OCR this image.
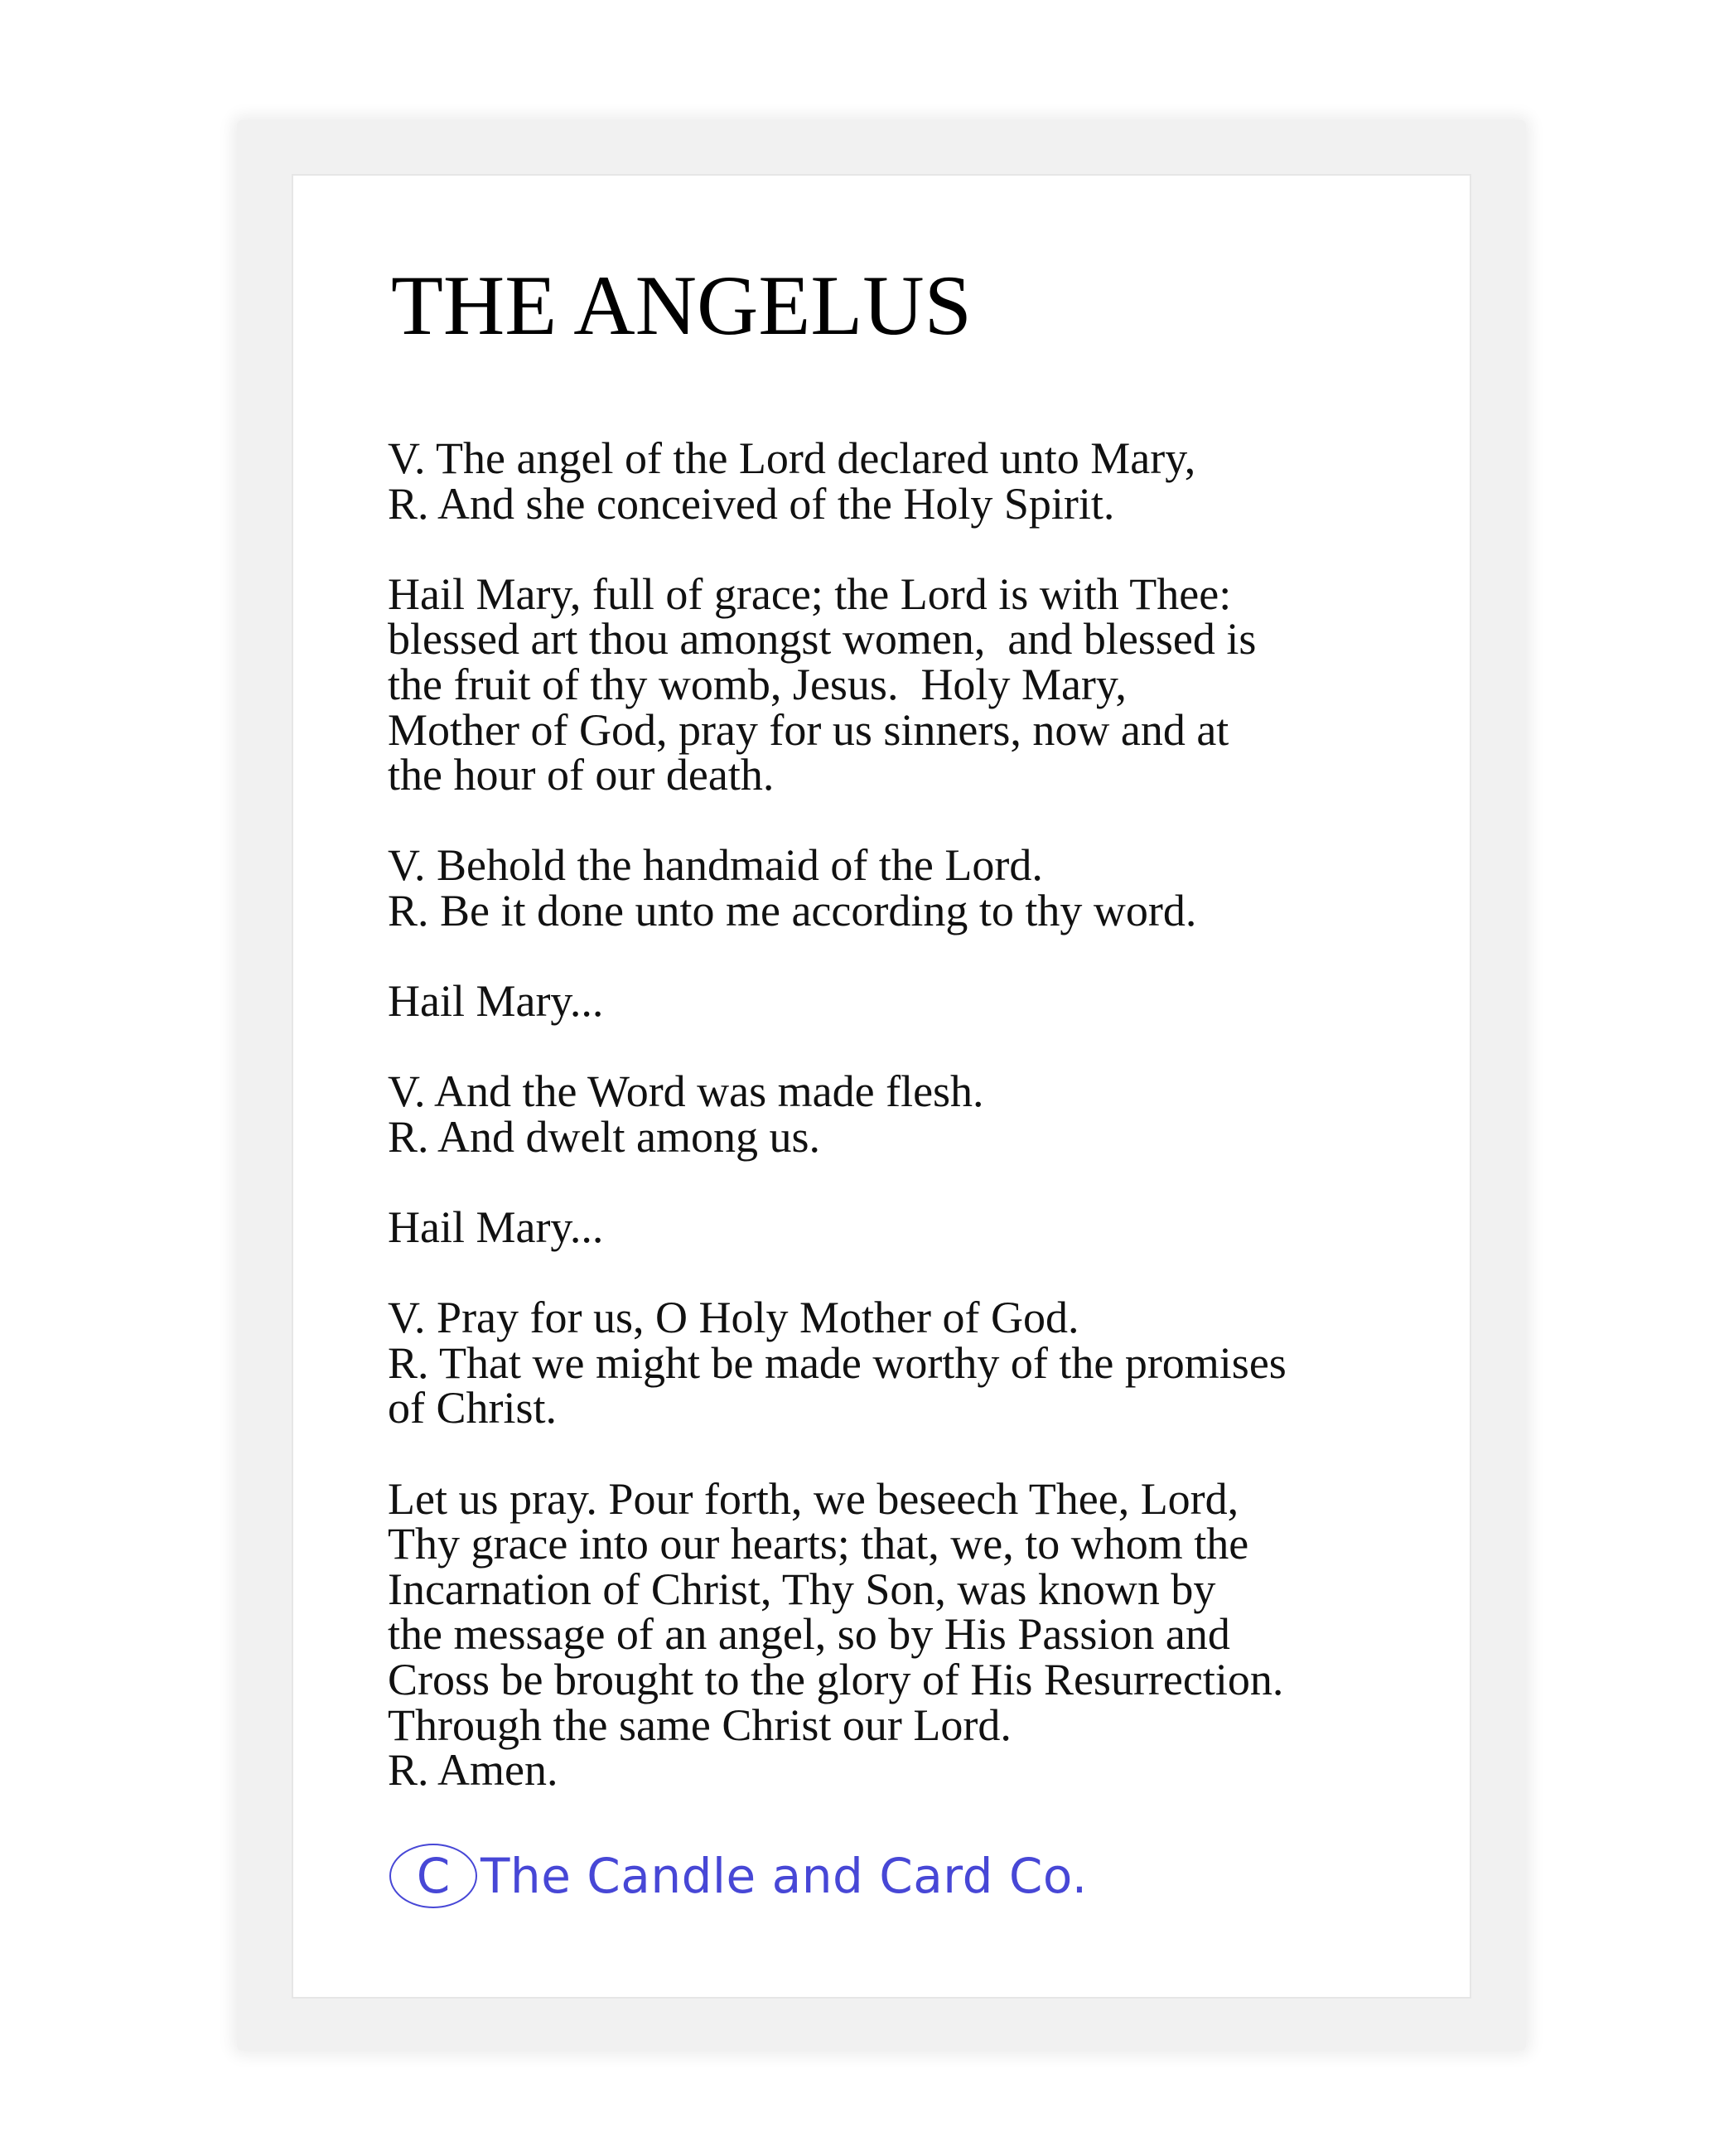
THE ANGELUS
V. The angel of the Lord declared unto Mary,
R. And she conceived of the Holy Spirit.
Hail Mary, full of grace; the Lord is with Thee:
blessed art thou amongst women,  and blessed is
the fruit of thy womb, Jesus.  Holy Mary,
Mother of God, pray for us sinners, now and at
the hour of our death.
V. Behold the handmaid of the Lord.
R. Be it done unto me according to thy word.
Hail Mary...
V. And the Word was made flesh.
R. And dwelt among us.
Hail Mary...
V. Pray for us, O Holy Mother of God.
R. That we might be made worthy of the promises
of Christ.
Let us pray. Pour forth, we beseech Thee, Lord,
Thy grace into our hearts; that, we, to whom the
Incarnation of Christ, Thy Son, was known by
the message of an angel, so by His Passion and
Cross be brought to the glory of His Resurrection.
Through the same Christ our Lord.
R. Amen.
C The Candle and Card Co.
